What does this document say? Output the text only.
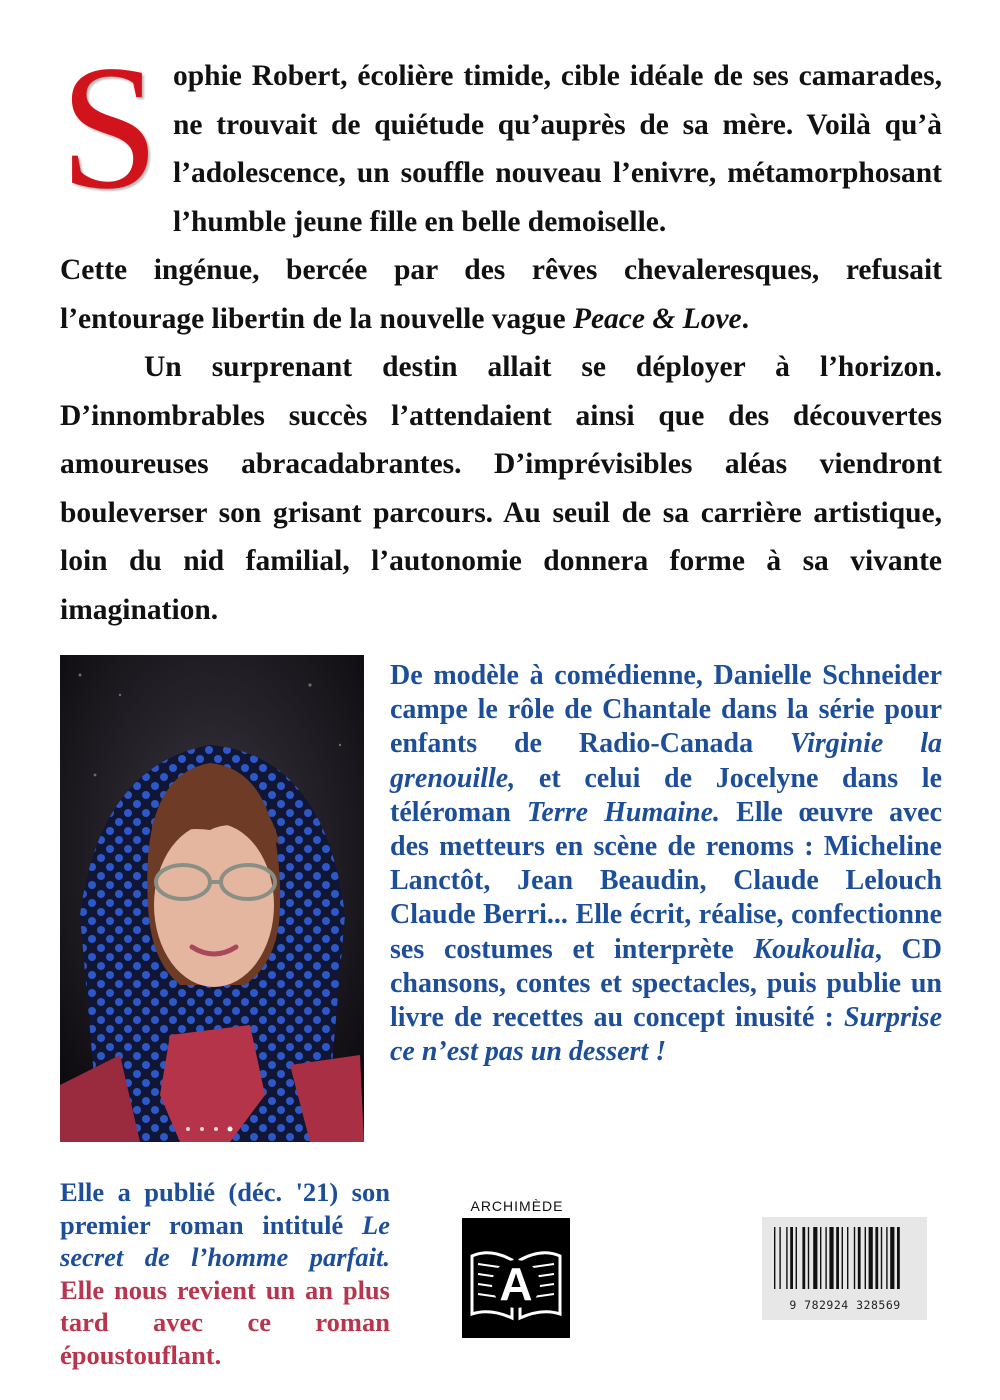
Sophie Robert, écolière timide, cible idéale de ses camarades, ne trouvait de quiétude qu’auprès de sa mère. Voilà qu’à l’adolescence, un souffle nouveau l’enivre, métamorphosant l’humble jeune fille en belle demoiselle.

Cette ingénue, bercée par des rêves chevaleresques, refusait l’entourage libertin de la nouvelle vague Peace & Love.

Un surprenant destin allait se déployer à l’horizon. D’innombrables succès l’attendaient ainsi que des découvertes amoureuses abracadabrantes. D’imprévisibles aléas viendront bouleverser son grisant parcours. Au seuil de sa carrière artistique, loin du nid familial, l’autonomie donnera forme à sa vivante imagination.

De modèle à comédienne, Danielle Schneider campe le rôle de Chantale dans la série pour enfants de Radio-Canada Virginie la grenouille, et celui de Jocelyne dans le téléroman Terre Humaine. Elle œuvre avec des metteurs en scène de renoms : Micheline Lanctôt, Jean Beaudin, Claude Lelouch Claude Berri... Elle écrit, réalise, confectionne ses costumes et interprète Koukoulia, CD chansons, contes et spectacles, puis publie un livre de recettes au concept inusité : Surprise ce n’est pas un dessert !

Elle a publié (déc. '21) son premier roman intitulé Le secret de l’homme parfait. Elle nous revient un an plus tard avec ce roman époustouflant.

ARCHIMÈDE
A	9 782924 328569
